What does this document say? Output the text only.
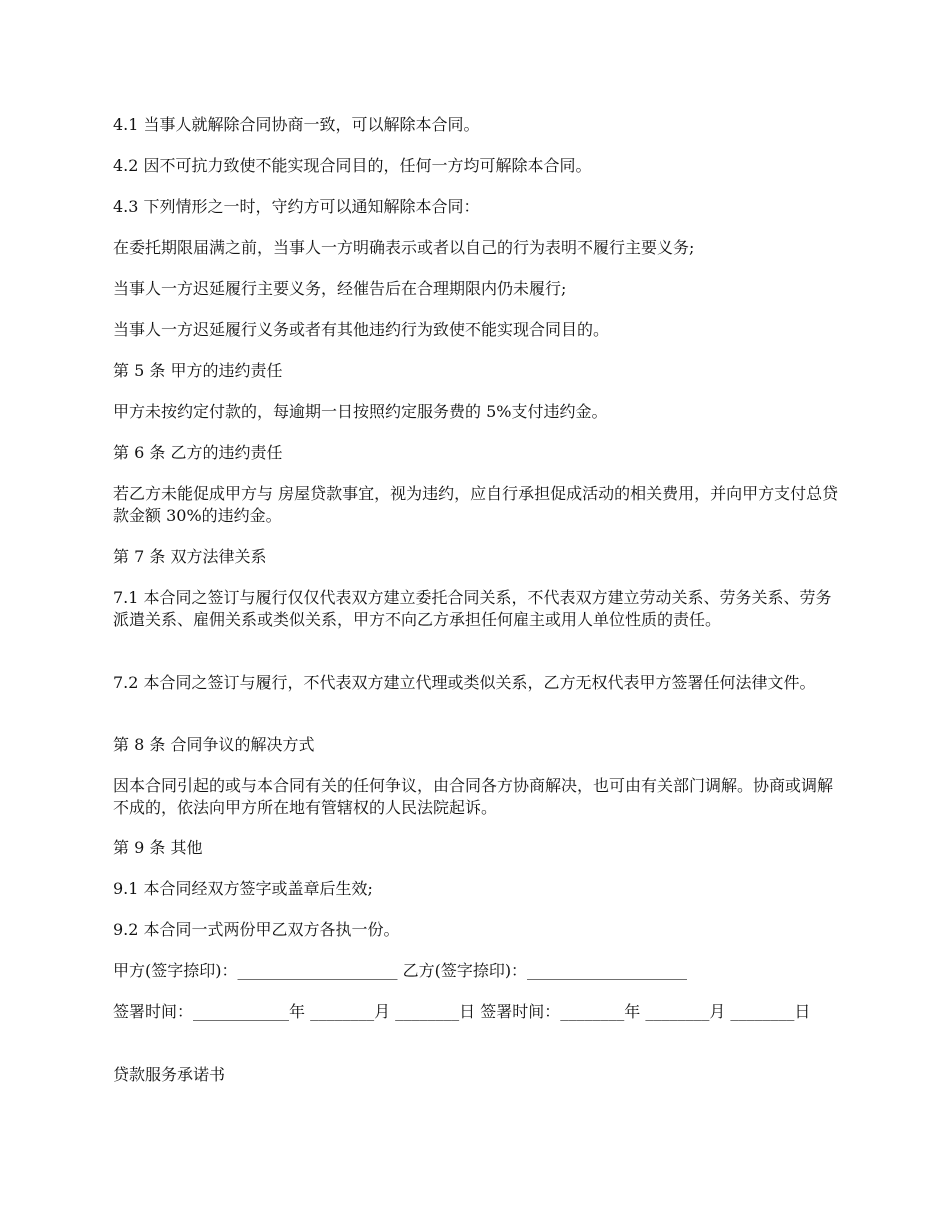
4.1 当事人就解除合同协商一致，可以解除本合同。

4.2 因不可抗力致使不能实现合同目的，任何一方均可解除本合同。

4.3 下列情形之一时，守约方可以通知解除本合同：

在委托期限届满之前，当事人一方明确表示或者以自己的行为表明不履行主要义务;

当事人一方迟延履行主要义务，经催告后在合理期限内仍未履行;

当事人一方迟延履行义务或者有其他违约行为致使不能实现合同目的。

第 5 条 甲方的违约责任

甲方未按约定付款的，每逾期一日按照约定服务费的 5%支付违约金。

第 6 条 乙方的违约责任

若乙方未能促成甲方与 房屋贷款事宜，视为违约，应自行承担促成活动的相关费用，并向甲方支付总贷款金额 30%的违约金。

第 7 条 双方法律关系

7.1 本合同之签订与履行仅仅代表双方建立委托合同关系，不代表双方建立劳动关系、劳务关系、劳务派遣关系、雇佣关系或类似关系，甲方不向乙方承担任何雇主或用人单位性质的责任。

7.2 本合同之签订与履行，不代表双方建立代理或类似关系，乙方无权代表甲方签署任何法律文件。

第 8 条 合同争议的解决方式

因本合同引起的或与本合同有关的任何争议，由合同各方协商解决，也可由有关部门调解。协商或调解不成的，依法向甲方所在地有管辖权的人民法院起诉。

第 9 条 其他

9.1 本合同经双方签字或盖章后生效;

9.2 本合同一式两份甲乙双方各执一份。

甲方(签字捺印)：____________________ 乙方(签字捺印)：____________________

签署时间：____________年 ________月 ________日 签署时间：________年 ________月 ________日

贷款服务承诺书
